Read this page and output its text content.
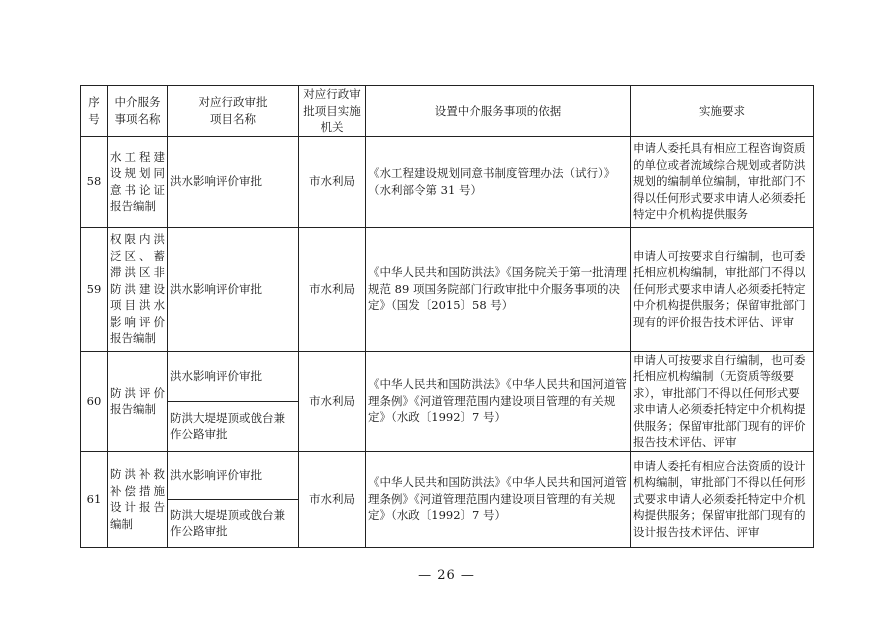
序号	中介服务事项名称	对应行政审批项目名称	对应行政审批项目实施机关	设置中介服务事项的依据	实施要求
58	水工程建设规划同意书论证报告编制	洪水影响评价审批	市水利局	《水工程建设规划同意书制度管理办法（试行）》（水利部令第 31 号）	申请人委托具有相应工程咨询资质的单位或者流域综合规划或者防洪规划的编制单位编制，审批部门不得以任何形式要求申请人必须委托特定中介机构提供服务
59	权限内洪泛区、蓄滞洪区非防洪建设项目洪水影响评价报告编制	洪水影响评价审批	市水利局	《中华人民共和国防洪法》《国务院关于第一批清理规范 89 项国务院部门行政审批中介服务事项的决定》（国发〔2015〕58 号）	申请人可按要求自行编制，也可委托相应机构编制，审批部门不得以任何形式要求申请人必须委托特定中介机构提供服务；保留审批部门现有的评价报告技术评估、评审
60	防洪评价报告编制	洪水影响评价审批	市水利局	《中华人民共和国防洪法》《中华人民共和国河道管理条例》《河道管理范围内建设项目管理的有关规定》（水政〔1992〕7 号）	申请人可按要求自行编制，也可委托相应机构编制（无资质等级要求），审批部门不得以任何形式要求申请人必须委托特定中介机构提供服务；保留审批部门现有的评价报告技术评估、评审
		防洪大堤堤顶或戗台兼作公路审批			
61	防洪补救补偿措施设计报告编制	洪水影响评价审批	市水利局	《中华人民共和国防洪法》《中华人民共和国河道管理条例》《河道管理范围内建设项目管理的有关规定》（水政〔1992〕7 号）	申请人委托有相应合法资质的设计机构编制，审批部门不得以任何形式要求申请人必须委托特定中介机构提供服务；保留审批部门现有的设计报告技术评估、评审
		防洪大堤堤顶或戗台兼作公路审批			
— 26 —
